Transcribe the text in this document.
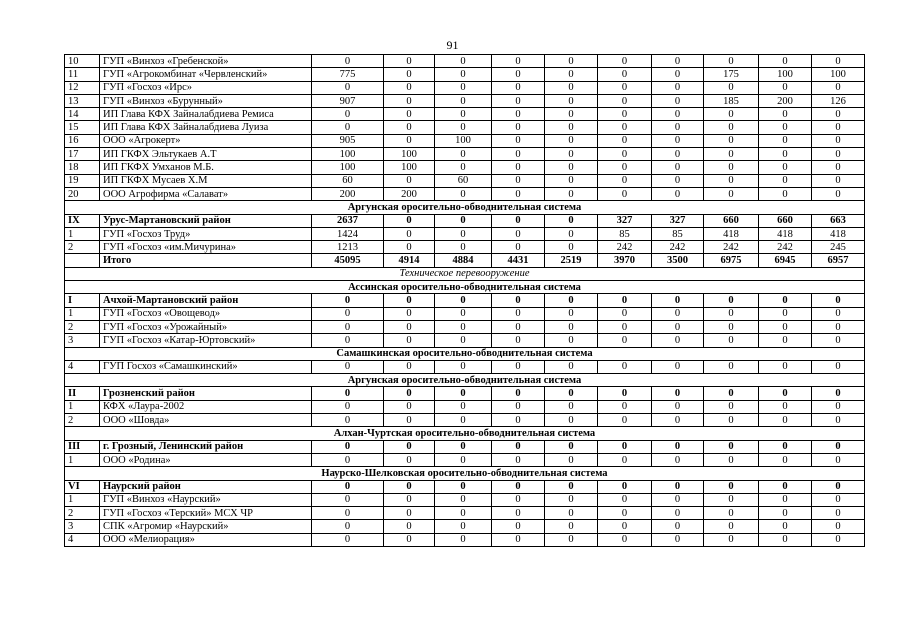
91
10	ГУП «Винхоз «Гребенской»	0	0	0	0	0	0	0	0	0	0
11	ГУП «Агрокомбинат «Червленский»	775	0	0	0	0	0	0	175	100	100
12	ГУП «Госхоз «Ирс»	0	0	0	0	0	0	0	0	0	0
13	ГУП «Винхоз «Бурунный»	907	0	0	0	0	0	0	185	200	126
14	ИП Глава КФХ Зайналабдиева Ремиса	0	0	0	0	0	0	0	0	0	0
15	ИП Глава КФХ Зайналабдиева Луиза	0	0	0	0	0	0	0	0	0	0
16	ООО «Агрокерт»	905	0	100	0	0	0	0	0	0	0
17	ИП ГКФХ Эльтукаев А.Т	100	100	0	0	0	0	0	0	0	0
18	ИП ГКФХ Умханов М.Б.	100	100	0	0	0	0	0	0	0	0
19	ИП ГКФХ Мусаев Х.М	60	0	60	0	0	0	0	0	0	0
20	ООО Агрофирма «Салават»	200	200	0	0	0	0	0	0	0	0
Аргунская оросительно-обводнительная система											
IX	Урус-Мартановский район	2637	0	0	0	0	327	327	660	660	663
1	ГУП «Госхоз Труд»	1424	0	0	0	0	85	85	418	418	418
2	ГУП «Госхоз «им.Мичурина»	1213	0	0	0	0	242	242	242	242	245
	Итого	45095	4914	4884	4431	2519	3970	3500	6975	6945	6957
Техническое перевооружение											
Ассинская оросительно-обводнительная система											
I	Ачхой-Мартановский район	0	0	0	0	0	0	0	0	0	0
1	ГУП «Госхоз «Овощевод»	0	0	0	0	0	0	0	0	0	0
2	ГУП «Госхоз «Урожайный»	0	0	0	0	0	0	0	0	0	0
3	ГУП «Госхоз «Катар-Юртовский»	0	0	0	0	0	0	0	0	0	0
Самашкинская оросительно-обводнительная система											
4	ГУП Госхоз «Самашкинский»	0	0	0	0	0	0	0	0	0	0
Аргунская оросительно-обводнительная система											
II	Грозненский район	0	0	0	0	0	0	0	0	0	0
1	КФХ «Лаура-2002	0	0	0	0	0	0	0	0	0	0
2	ООО «Шовда»	0	0	0	0	0	0	0	0	0	0
Алхан-Чуртская оросительно-обводнительная система											
III	г. Грозный, Ленинский район	0	0	0	0	0	0	0	0	0	0
1	ООО «Родина»	0	0	0	0	0	0	0	0	0	0
Наурско-Шелковская оросительно-обводнительная система											
VI	Наурский район	0	0	0	0	0	0	0	0	0	0
1	ГУП «Винхоз «Наурский»	0	0	0	0	0	0	0	0	0	0
2	ГУП «Госхоз «Терский» МСХ ЧР	0	0	0	0	0	0	0	0	0	0
3	СПК «Агромир «Наурский»	0	0	0	0	0	0	0	0	0	0
4	ООО «Мелиорация»	0	0	0	0	0	0	0	0	0	0
